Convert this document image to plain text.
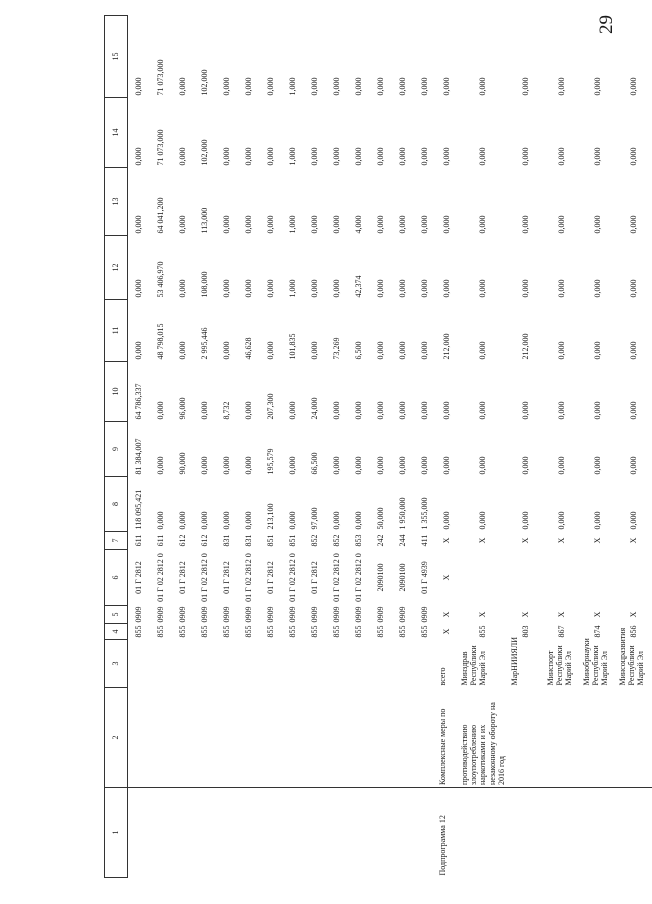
29
1	2	3	4	5	6	7	8	9	10	11	12	13	14	15
			855	0909	01 Г 2812	611	118 095,421	81 384,007	64 786,337	0,000	0,000	0,000	0,000	0,000
			855	0909	01 Г 02 2812 0	611	0,000	0,000	0,000	48 798,015	53 406,970	64 041,200	71 073,000	71 073,000
			855	0909	01 Г 2812	612	0,000	90,000	96,000	0,000	0,000	0,000	0,000	0,000
			855	0909	01 Г 02 2812 0	612	0,000	0,000	0,000	2 995,446	108,000	113,000	102,000	102,000
			855	0909	01 Г 2812	831	0,000	0,000	8,732	0,000	0,000	0,000	0,000	0,000
			855	0909	01 Г 02 2812 0	831	0,000	0,000	0,000	46,628	0,000	0,000	0,000	0,000
			855	0909	01 Г 2812	851	213,100	195,579	207,300	0,000	0,000	0,000	0,000	0,000
			855	0909	01 Г 02 2812 0	851	0,000	0,000	0,000	101,835	1,000	1,000	1,000	1,000
			855	0909	01 Г 2812	852	97,000	66,500	24,000	0,000	0,000	0,000	0,000	0,000
			855	0909	01 Г 02 2812 0	852	0,000	0,000	0,000	73,269	0,000	0,000	0,000	0,000
			855	0909	01 Г 02 2812 0	853	0,000	0,000	0,000	6,500	42,374	4,000	0,000	0,000
			855	0909	2090100	242	50,000	0,000	0,000	0,000	0,000	0,000	0,000	0,000
			855	0909	2090100	244	1 950,000	0,000	0,000	0,000	0,000	0,000	0,000	0,000
			855	0909	01 Г 4939	411	1 355,000	0,000	0,000	0,000	0,000	0,000	0,000	0,000
Подпрограмма 12	Комплексные меры по	всего	Х	Х	Х	Х	0,000	0,000	0,000	212,000	0,000	0,000	0,000	0,000
	противодействию злоупотреблению наркотиками и их незаконному обороту на 2016 год	Минздрав Республики Марий Эл	855	Х		Х	0,000	0,000	0,000	0,000	0,000	0,000	0,000	0,000
		МарНИИЯЛИ	803	Х		Х	0,000	0,000	0,000	212,000	0,000	0,000	0,000	0,000
		Минспорт Республики Марий Эл	867	Х		Х	0,000	0,000	0,000	0,000	0,000	0,000	0,000	0,000
		Минобрнауки Республики Марий Эл	874	Х		Х	0,000	0,000	0,000	0,000	0,000	0,000	0,000	0,000
		Минсоцразвития Республики Марий Эл	856	Х		Х	0,000	0,000	0,000	0,000	0,000	0,000	0,000	0,000
